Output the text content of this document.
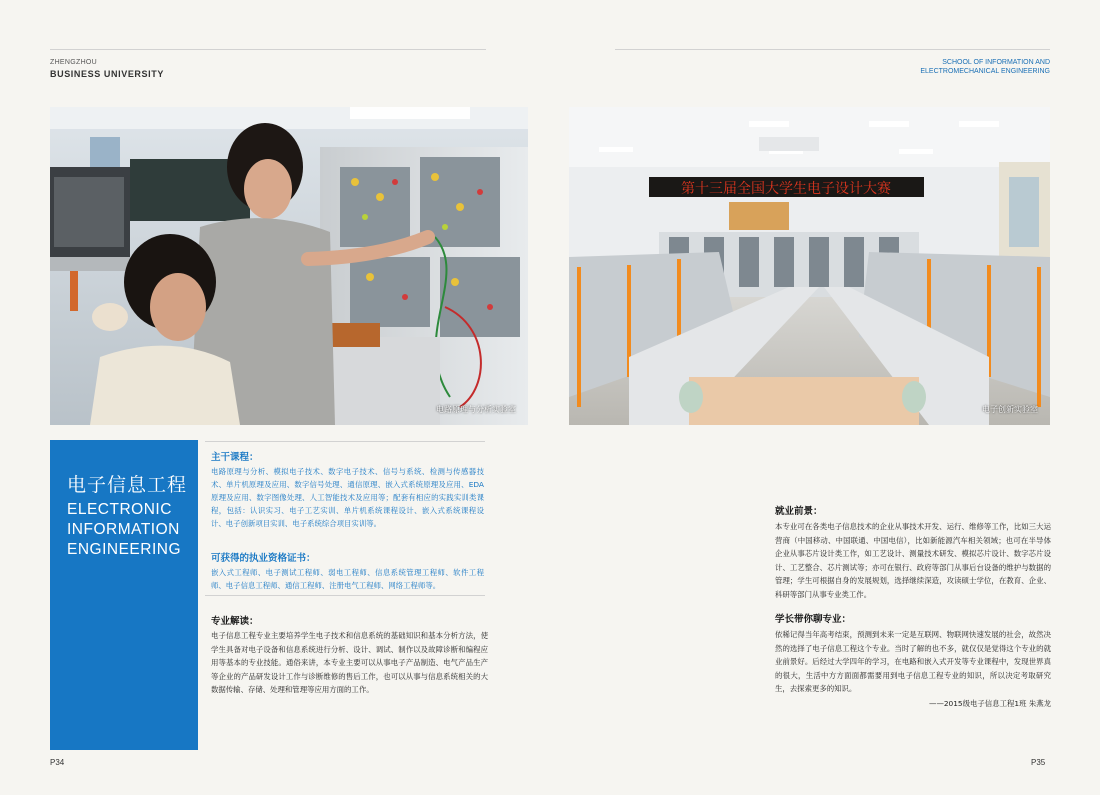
ZHENGZHOU
BUSINESS UNIVERSITY
SCHOOL OF INFORMATION AND
ELECTROMECHANICAL ENGINEERING
电路原理与分析实验室
第十三届全国大学生电子设计大赛
电子创新实验室
电子信息工程
ELECTRONIC
INFORMATION
ENGINEERING
主干课程：
电路原理与分析、模拟电子技术、数字电子技术、信号与系统、检测与传感器技术、单片机原理及应用、数字信号处理、通信原理、嵌入式系统原理及应用、EDA原理及应用、数字图像处理、人工智能技术及应用等；配套有相应的实践实训类课程，包括：认识实习、电子工艺实训、单片机系统课程设计、嵌入式系统课程设计、电子创新项目实训、电子系统综合项目实训等。
可获得的执业资格证书：
嵌入式工程师、电子测试工程师、弱电工程师、信息系统管理工程师、软件工程师、电子信息工程师、通信工程师、注册电气工程师、网络工程师等。
专业解读：
电子信息工程专业主要培养学生电子技术和信息系统的基础知识和基本分析方法，使学生具备对电子设备和信息系统进行分析、设计、调试、制作以及故障诊断和编程应用等基本的专业技能。通俗来讲，本专业主要可以从事电子产品制造、电气产品生产等企业的产品研发设计工作与诊断维修的售后工作，也可以从事与信息系统相关的大数据传输、存储、处理和管理等应用方面的工作。
就业前景：
本专业可在各类电子信息技术的企业从事技术开发、运行、维修等工作，比如三大运营商（中国移动、中国联通、中国电信），比如新能源汽车相关领域；也可在半导体企业从事芯片设计类工作，如工艺设计、测量技术研发、模拟芯片设计、数字芯片设计、工艺整合、芯片测试等；亦可在银行、政府等部门从事后台设备的维护与数据的管理；学生可根据自身的发展规划，选择继续深造，攻读硕士学位，在教育、企业、科研等部门从事专业类工作。
学长带你聊专业：
依稀记得当年高考结束，预测到未来一定是互联网、物联网快速发展的社会，故然决然的选择了电子信息工程这个专业。当时了解的也不多，就仅仅是觉得这个专业的就业前景好。后经过大学四年的学习，在电路和嵌入式开发等专业课程中，发现世界真的很大，生活中方方面面都需要用到电子信息工程专业的知识，所以决定考取研究生，去探索更多的知识。
——2015级电子信息工程1班 朱燕龙
P34	P35
